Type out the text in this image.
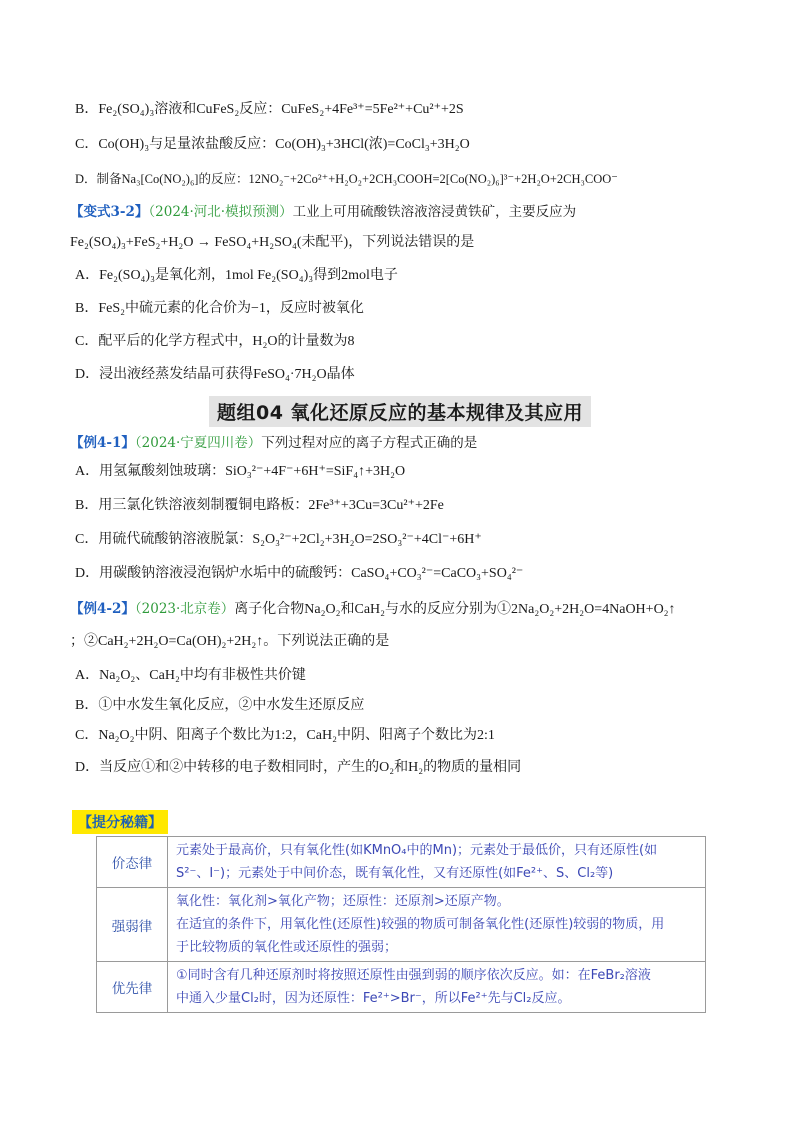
B．Fe₂(SO₄)₃溶液和CuFeS₂反应：CuFeS₂+4Fe³⁺=5Fe²⁺+Cu²⁺+2S
C．Co(OH)₃与足量浓盐酸反应：Co(OH)₃+3HCl(浓)=CoCl₃+3H₂O
D．制备Na₃[Co(NO₂)₆]的反应：12NO₂⁻+2Co²⁺+H₂O₂+2CH₃COOH=2[Co(NO₂)₆]³⁻+2H₂O+2CH₃COO⁻
【变式3-2】（2024·河北·模拟预测）工业上可用硫酸铁溶液溶浸黄铁矿，主要反应为
Fe₂(SO₄)₃+FeS₂+H₂O → FeSO₄+H₂SO₄(未配平)，下列说法错误的是
A．Fe₂(SO₄)₃是氧化剂，1mol Fe₂(SO₄)₃得到2mol电子
B．FeS₂中硫元素的化合价为−1，反应时被氧化
C．配平后的化学方程式中，H₂O的计量数为8
D．浸出液经蒸发结晶可获得FeSO₄·7H₂O晶体
题组04 氧化还原反应的基本规律及其应用
【例4-1】（2024·宁夏四川卷）下列过程对应的离子方程式正确的是
A．用氢氟酸刻蚀玻璃：SiO₃²⁻+4F⁻+6H⁺=SiF₄↑+3H₂O
B．用三氯化铁溶液刻制覆铜电路板：2Fe³⁺+3Cu=3Cu²⁺+2Fe
C．用硫代硫酸钠溶液脱氯：S₂O₃²⁻+2Cl₂+3H₂O=2SO₃²⁻+4Cl⁻+6H⁺
D．用碳酸钠溶液浸泡锅炉水垢中的硫酸钙：CaSO₄+CO₃²⁻=CaCO₃+SO₄²⁻
【例4-2】（2023·北京卷）离子化合物Na₂O₂和CaH₂与水的反应分别为①2Na₂O₂+2H₂O=4NaOH+O₂↑
；②CaH₂+2H₂O=Ca(OH)₂+2H₂↑。下列说法正确的是
A．Na₂O₂、CaH₂中均有非极性共价键
B．①中水发生氧化反应，②中水发生还原反应
C．Na₂O₂中阴、阳离子个数比为1:2，CaH₂中阴、阳离子个数比为2:1
D．当反应①和②中转移的电子数相同时，产生的O₂和H₂的物质的量相同
【提分秘籍】
价态律	元素处于最高价，只有氧化性(如KMnO₄中的Mn)；元素处于最低价，只有还原性(如
S²⁻、I⁻)；元素处于中间价态，既有氧化性，又有还原性(如Fe²⁺、S、Cl₂等)

强弱律	氧化性：氧化剂>氧化产物；还原性：还原剂>还原产物。
在适宜的条件下，用氧化性(还原性)较强的物质可制备氧化性(还原性)较弱的物质，用
于比较物质的氧化性或还原性的强弱；

优先律	①同时含有几种还原剂时将按照还原性由强到弱的顺序依次反应。如：在FeBr₂溶液
中通入少量Cl₂时，因为还原性：Fe²⁺>Br⁻，所以Fe²⁺先与Cl₂反应。
